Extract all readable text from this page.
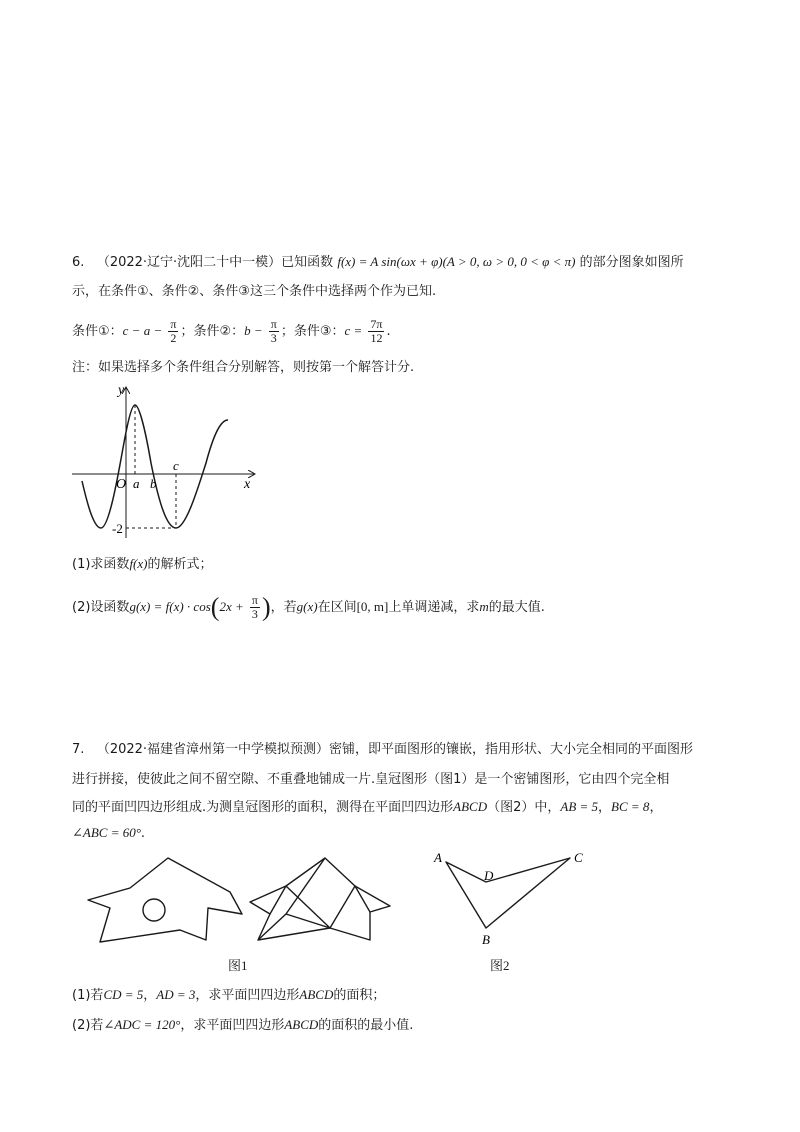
6. （2022·辽宁·沈阳二十中一模）已知函数 f(x) = A sin(ωx + φ)(A > 0, ω > 0, 0 < φ < π) 的部分图象如图所
示，在条件①、条件②、条件③这三个条件中选择两个作为已知.
条件①：$c - a - \frac{\pi}{2}$ ；条件②：$b - \frac{\pi}{3}$ ；条件③：$c = \frac{7\pi}{12}$ .
注：如果选择多个条件组合分别解答，则按第一个解答计分.
y
x
O a b
c
-2
(1)求函数f(x)的解析式；
(2)设函数$g(x) = f(x) \cdot \cos(2x + \frac{\pi}{3}$ )，若g(x)在区间[0, m]上单调递减，求m的最大值.
7. （2022·福建省漳州第一中学模拟预测）密铺，即平面图形的镶嵌，指用形状、大小完全相同的平面图形
进行拼接，使彼此之间不留空隙、不重叠地铺成一片.皇冠图形（图1）是一个密铺图形，它由四个完全相
同的平面凹四边形组成.为测皇冠图形的面积，测得在平面凹四边形ABCD（图2）中，AB = 5，BC = 8，
∠ABC = 60°.
A
D
C
B
图1	图2
(1)若CD = 5，AD = 3，求平面凹四边形ABCD的面积；
(2)若∠ADC = 120°，求平面凹四边形ABCD的面积的最小值.
